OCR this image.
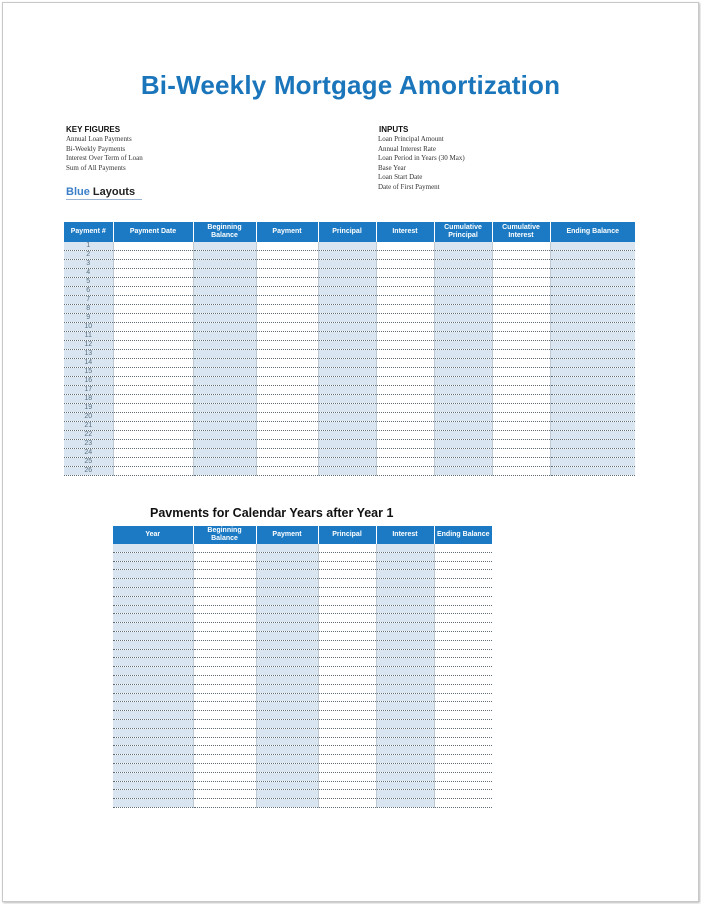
Bi-Weekly Mortgage Amortization
KEY FIGURES
Annual Loan Payments
Bi-Weekly Payments
Interest Over Term of Loan
Sum of All Payments
INPUTS
Loan Principal Amount
Annual Interest Rate
Loan Period in Years (30 Max)
Base Year
Loan Start Date
Date of First Payment
Blue Layouts
Payment #	Payment Date	Beginning Balance	Payment	Principal	Interest	Cumulative Principal	Cumulative Interest	Ending Balance
1								
2								
3								
4								
5								
6								
7								
8								
9								
10								
11								
12								
13								
14								
15								
16								
17								
18								
19								
20								
21								
22								
23								
24								
25								
26								
Pavments for Calendar Years after Year 1
Year	Beginning Balance	Payment	Principal	Interest	Ending Balance
